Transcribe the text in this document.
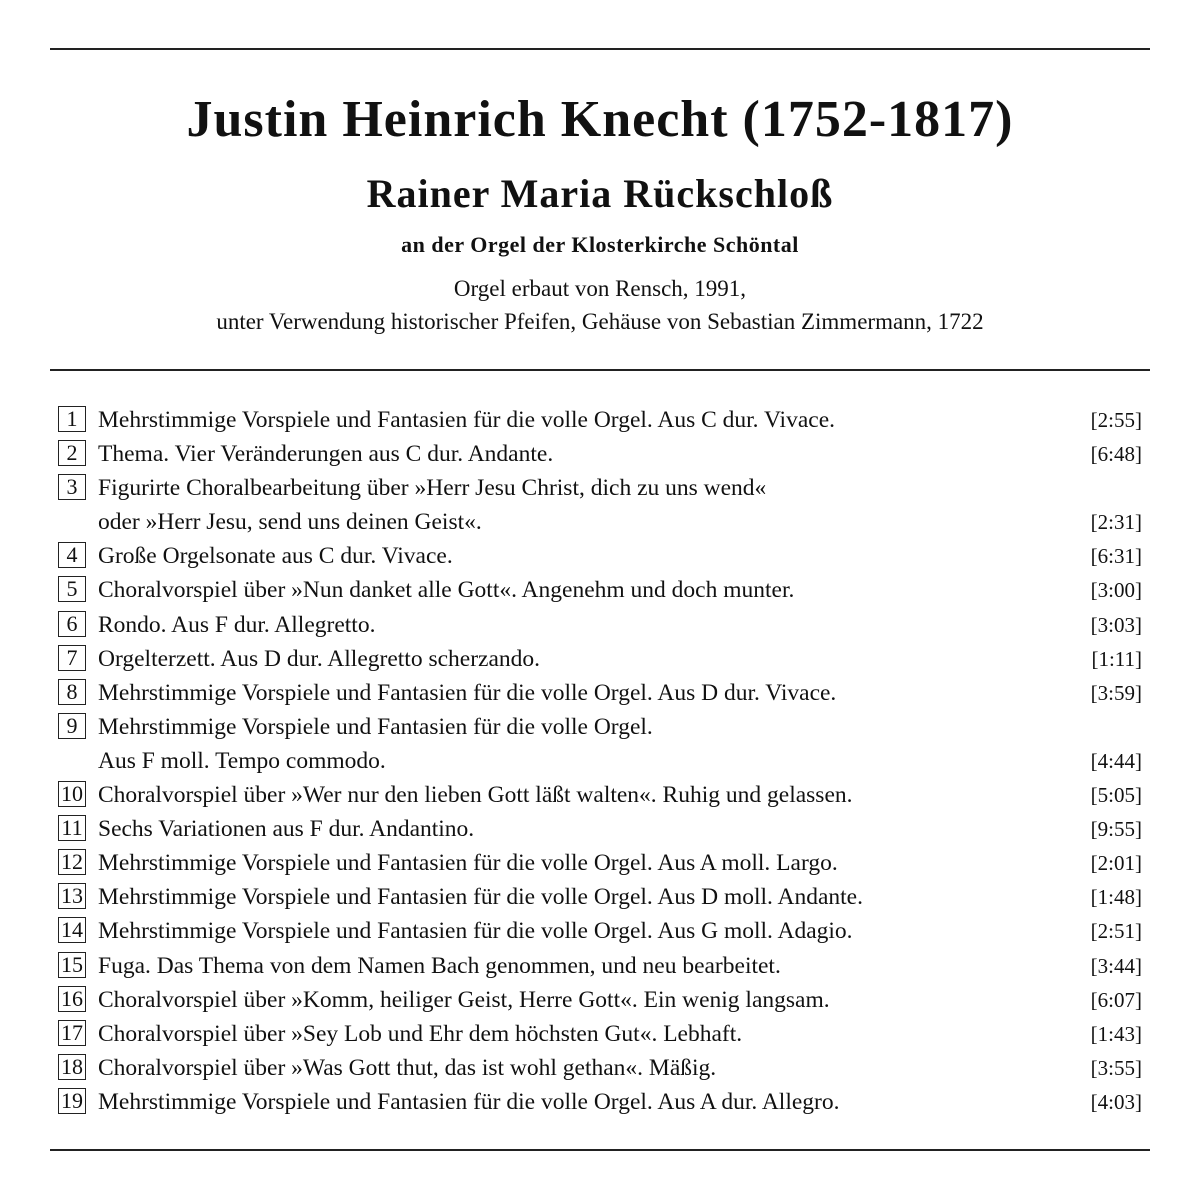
Justin Heinrich Knecht (1752-1817)
Rainer Maria Rückschloß
an der Orgel der Klosterkirche Schöntal
Orgel erbaut von Rensch, 1991,
unter Verwendung historischer Pfeifen, Gehäuse von Sebastian Zimmermann, 1722
1 Mehrstimmige Vorspiele und Fantasien für die volle Orgel. Aus C dur. Vivace.	[2:55]
2 Thema. Vier Veränderungen aus C dur. Andante.	[6:48]
3 Figurirte Choralbearbeitung über »Herr Jesu Christ, dich zu uns wend«
oder »Herr Jesu, send uns deinen Geist«.	[2:31]
4 Große Orgelsonate aus C dur. Vivace.	[6:31]
5 Choralvorspiel über »Nun danket alle Gott«. Angenehm und doch munter.	[3:00]
6 Rondo. Aus F dur. Allegretto.	[3:03]
7 Orgelterzett. Aus D dur. Allegretto scherzando.	[1:11]
8 Mehrstimmige Vorspiele und Fantasien für die volle Orgel. Aus D dur. Vivace.	[3:59]
9 Mehrstimmige Vorspiele und Fantasien für die volle Orgel.
Aus F moll. Tempo commodo.	[4:44]
10 Choralvorspiel über »Wer nur den lieben Gott läßt walten«. Ruhig und gelassen.	[5:05]
11 Sechs Variationen aus F dur. Andantino.	[9:55]
12 Mehrstimmige Vorspiele und Fantasien für die volle Orgel. Aus A moll. Largo.	[2:01]
13 Mehrstimmige Vorspiele und Fantasien für die volle Orgel. Aus D moll. Andante.	[1:48]
14 Mehrstimmige Vorspiele und Fantasien für die volle Orgel. Aus G moll. Adagio.	[2:51]
15 Fuga. Das Thema von dem Namen Bach genommen, und neu bearbeitet.	[3:44]
16 Choralvorspiel über »Komm, heiliger Geist, Herre Gott«. Ein wenig langsam.	[6:07]
17 Choralvorspiel über »Sey Lob und Ehr dem höchsten Gut«. Lebhaft.	[1:43]
18 Choralvorspiel über »Was Gott thut, das ist wohl gethan«. Mäßig.	[3:55]
19 Mehrstimmige Vorspiele und Fantasien für die volle Orgel. Aus A dur. Allegro.	[4:03]
